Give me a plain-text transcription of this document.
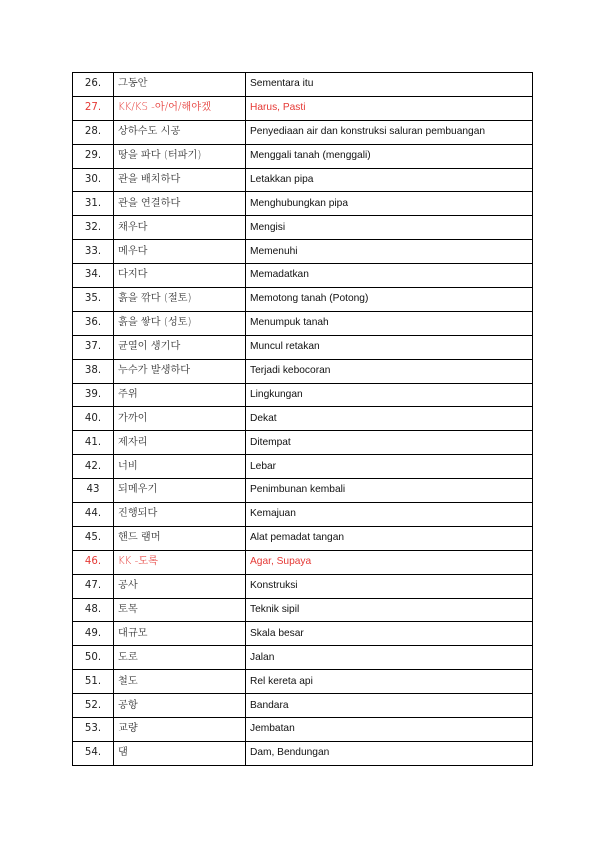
26.	그동안	Sementara itu
27.	KK/KS -아/어/해야겠	Harus, Pasti
28.	상하수도 시공	Penyediaan air dan konstruksi saluran pembuangan
29.	땅을 파다 (터파기)	Menggali tanah (menggali)
30.	관을 배치하다	Letakkan pipa
31.	관을 연결하다	Menghubungkan pipa
32.	채우다	Mengisi
33.	메우다	Memenuhi
34.	다지다	Memadatkan
35.	흙을 깎다 (절토)	Memotong tanah (Potong)
36.	흙을 쌓다 (성토)	Menumpuk tanah
37.	균열이 생기다	Muncul retakan
38.	누수가 발생하다	Terjadi kebocoran
39.	주위	Lingkungan
40.	가까이	Dekat
41.	제자리	Ditempat
42.	너비	Lebar
43	되메우기	Penimbunan kembali
44.	진행되다	Kemajuan
45.	핸드 램머	Alat pemadat tangan
46.	KK -도록	Agar, Supaya
47.	공사	Konstruksi
48.	토목	Teknik sipil
49.	대규모	Skala besar
50.	도로	Jalan
51.	철도	Rel kereta api
52.	공항	Bandara
53.	교량	Jembatan
54.	댐	Dam, Bendungan
